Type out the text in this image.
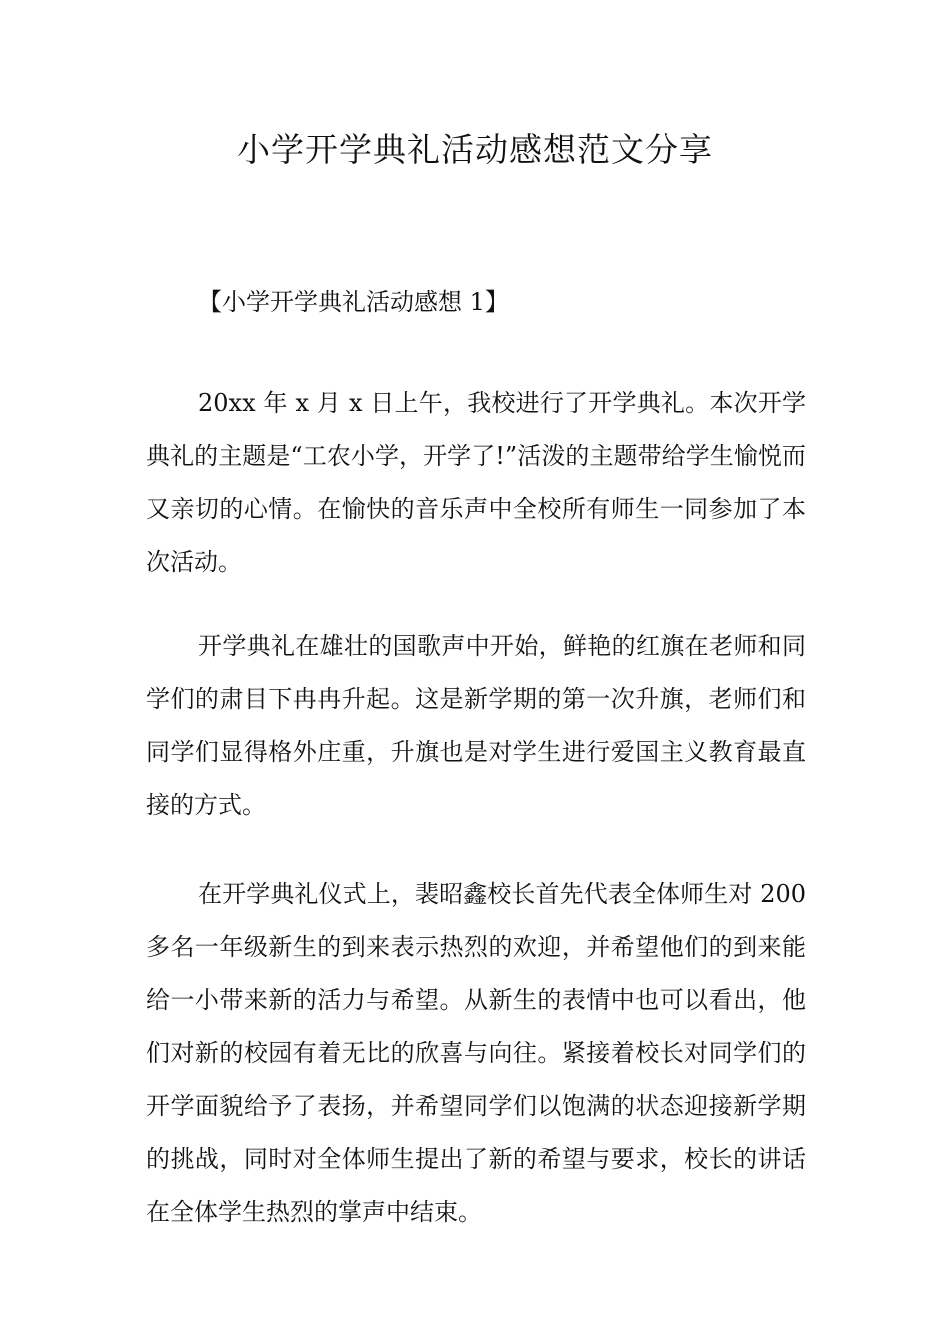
小学开学典礼活动感想范文分享

【小学开学典礼活动感想 1】

20xx 年 x 月 x 日上午，我校进行了开学典礼。本次开学典礼的主题是“工农小学，开学了!”活泼的主题带给学生愉悦而又亲切的心情。在愉快的音乐声中全校所有师生一同参加了本次活动。

开学典礼在雄壮的国歌声中开始，鲜艳的红旗在老师和同学们的肃目下冉冉升起。这是新学期的第一次升旗，老师们和同学们显得格外庄重，升旗也是对学生进行爱国主义教育最直接的方式。

在开学典礼仪式上，裴昭鑫校长首先代表全体师生对 200 多名一年级新生的到来表示热烈的欢迎，并希望他们的到来能给一小带来新的活力与希望。从新生的表情中也可以看出，他们对新的校园有着无比的欣喜与向往。紧接着校长对同学们的开学面貌给予了表扬，并希望同学们以饱满的状态迎接新学期的挑战，同时对全体师生提出了新的希望与要求，校长的讲话在全体学生热烈的掌声中结束。
